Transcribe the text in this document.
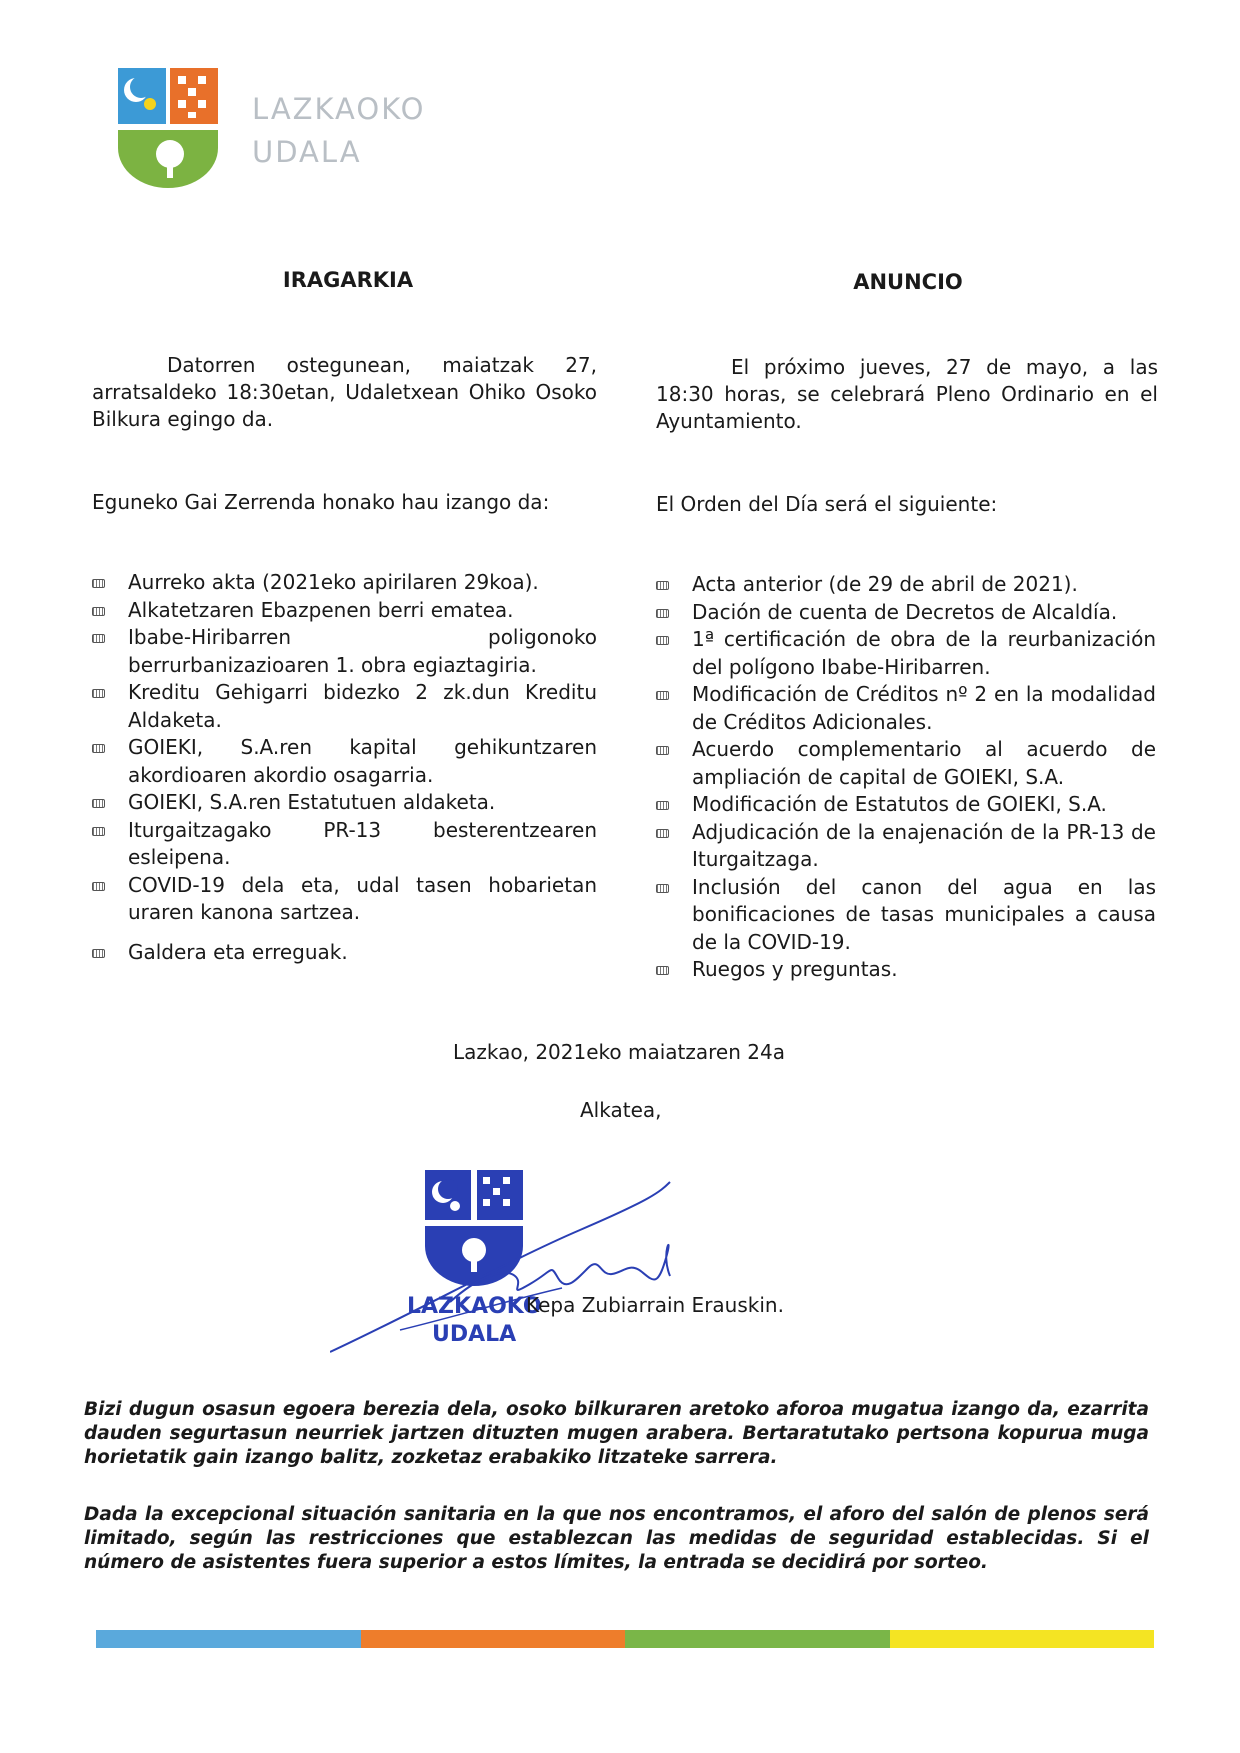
LAZKAOKO
UDALA
IRAGARKIA	ANUNCIO
Datorren ostegunean, maiatzak 27, arratsaldeko 18:30etan, Udaletxean Ohiko Osoko Bilkura egingo da.
El próximo jueves, 27 de mayo, a las 18:30 horas, se celebrará Pleno Ordinario en el Ayuntamiento.
Eguneko Gai Zerrenda honako hau izango da:	El Orden del Día será el siguiente:
Aurreko akta (2021eko apirilaren 29koa).
Alkatetzaren Ebazpenen berri ematea.
Ibabe-Hiribarren poligonoko berrurbanizazioaren 1. obra egiaztagiria.
Kreditu Gehigarri bidezko 2 zk.dun Kreditu Aldaketa.
GOIEKI, S.A.ren kapital gehikuntzaren akordioaren akordio osagarria.
GOIEKI, S.A.ren Estatutuen aldaketa.
Iturgaitzagako PR-13 besterentzearen esleipena.
COVID-19 dela eta, udal tasen hobarietan uraren kanona sartzea.
Galdera eta erreguak.
Acta anterior (de 29 de abril de 2021).
Dación de cuenta de Decretos de Alcaldía.
1ª certificación de obra de la reurbanización del polígono Ibabe-Hiribarren.
Modificación de Créditos nº 2 en la modalidad de Créditos Adicionales.
Acuerdo complementario al acuerdo de ampliación de capital de GOIEKI, S.A.
Modificación de Estatutos de GOIEKI, S.A.
Adjudicación de la enajenación de la PR-13 de Iturgaitzaga.
Inclusión del canon del agua en las bonificaciones de tasas municipales a causa de la COVID-19.
Ruegos y preguntas.
Lazkao, 2021eko maiatzaren 24a
Alkatea,
LAZKAOKO
UDALA
Kepa Zubiarrain Erauskin.
Bizi dugun osasun egoera berezia dela, osoko bilkuraren aretoko aforoa mugatua izango da, ezarrita dauden segurtasun neurriek jartzen dituzten mugen arabera. Bertaratutako pertsona kopurua muga horietatik gain izango balitz, zozketaz erabakiko litzateke sarrera.
Dada la excepcional situación sanitaria en la que nos encontramos, el aforo del salón de plenos será limitado, según las restricciones que establezcan las medidas de seguridad establecidas. Si el número de asistentes fuera superior a estos límites, la entrada se decidirá por sorteo.
